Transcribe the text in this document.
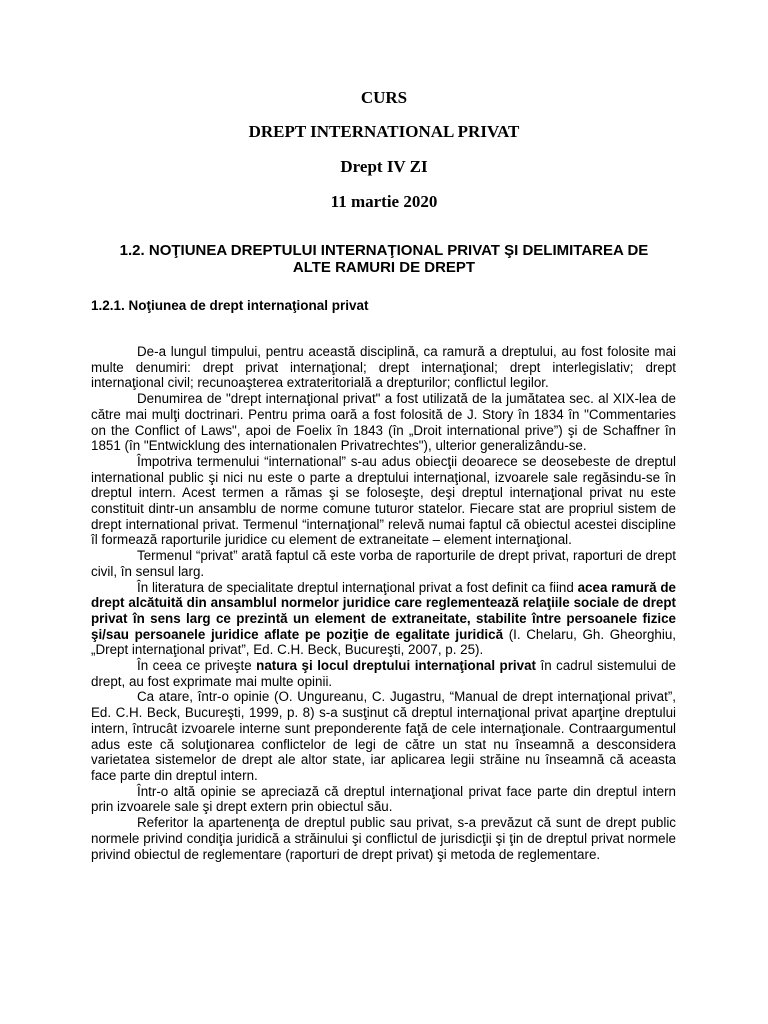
CURS
DREPT INTERNATIONAL PRIVAT
Drept IV ZI
11 martie 2020
1.2. NOŢIUNEA DREPTULUI INTERNAŢIONAL PRIVAT ŞI DELIMITAREA DE
ALTE RAMURI DE DREPT
1.2.1. Noţiunea de drept internaţional privat

De-a lungul timpului, pentru această disciplină, ca ramură a dreptului, au fost folosite mai multe denumiri: drept privat internaţional; drept internaţional; drept interlegislativ; drept internaţional civil; recunoaşterea extrateritorială a drepturilor; conflictul legilor.

Denumirea de "drept internaţional privat" a fost utilizată de la jumătatea sec. al XIX-lea de către mai mulţi doctrinari. Pentru prima oară a fost folosită de J. Story în 1834 în "Commentaries on the Conflict of Laws", apoi de Foelix în 1843 (în „Droit international prive”) şi de Schaffner în 1851 (în "Entwicklung des internationalen Privatrechtes"), ulterior generalizându-se.

Împotriva termenului “international” s-au adus obiecţii deoarece se deosebeste de dreptul international public şi nici nu este o parte a dreptului internaţional, izvoarele sale regăsindu-se în dreptul intern. Acest termen a rămas şi se foloseşte, deşi dreptul internaţional privat nu este constituit dintr-un ansamblu de norme comune tuturor statelor. Fiecare stat are propriul sistem de drept international privat. Termenul “internaţional” relevă numai faptul că obiectul acestei discipline îl formează raporturile juridice cu element de extraneitate – element internaţional.

Termenul “privat” arată faptul că este vorba de raporturile de drept privat, raporturi de drept civil, în sensul larg.

În literatura de specialitate dreptul internaţional privat a fost definit ca fiind acea ramură de drept alcătuită din ansamblul normelor juridice care reglementează relaţiile sociale de drept privat în sens larg ce prezintă un element de extraneitate, stabilite între persoanele fizice şi/sau persoanele juridice aflate pe poziţie de egalitate juridică (I. Chelaru, Gh. Gheorghiu, „Drept internaţional privat”, Ed. C.H. Beck, Bucureşti, 2007, p. 25).

În ceea ce priveşte natura şi locul dreptului internaţional privat în cadrul sistemului de drept, au fost exprimate mai multe opinii.

Ca atare, într-o opinie (O. Ungureanu, C. Jugastru, “Manual de drept internaţional privat”, Ed. C.H. Beck, Bucureşti, 1999, p. 8) s-a susţinut că dreptul internaţional privat aparţine dreptului intern, întrucât izvoarele interne sunt preponderente faţă de cele internaţionale. Contraargumentul adus este că soluţionarea conflictelor de legi de către un stat nu înseamnă a desconsidera varietatea sistemelor de drept ale altor state, iar aplicarea legii străine nu înseamnă că aceasta face parte din dreptul intern.

Într-o altă opinie se apreciază că dreptul internaţional privat face parte din dreptul intern prin izvoarele sale şi drept extern prin obiectul său.

Referitor la apartenenţa de dreptul public sau privat, s-a prevăzut că sunt de drept public normele privind condiţia juridică a străinului şi conflictul de jurisdicţii şi ţin de dreptul privat normele privind obiectul de reglementare (raporturi de drept privat) şi metoda de reglementare.
